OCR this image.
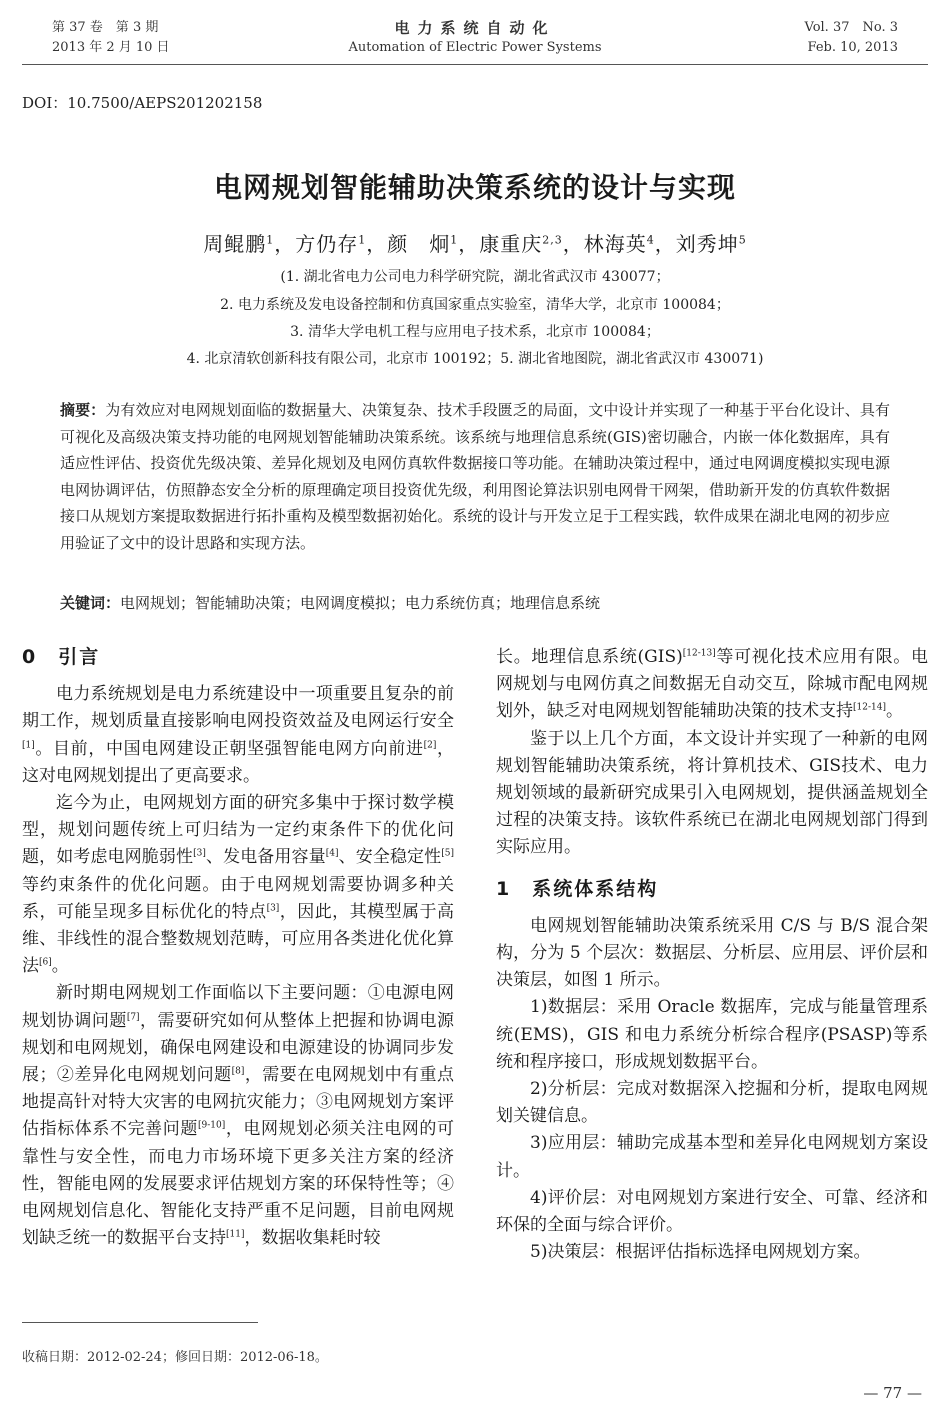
第 37 卷　第 3 期
2013 年 2 月 10 日
电力系统自动化
Automation of Electric Power Systems
Vol. 37　No. 3
Feb. 10, 2013
DOI：10.7500/AEPS201202158
电网规划智能辅助决策系统的设计与实现
周鲲鹏$^1$，方仍存$^1$，颜　炯$^1$，康重庆$^{2,3}$，林海英$^4$，刘秀坤$^5$
(1. 湖北省电力公司电力科学研究院，湖北省武汉市 430077；
2. 电力系统及发电设备控制和仿真国家重点实验室，清华大学，北京市 100084；
3. 清华大学电机工程与应用电子技术系，北京市 100084；
4. 北京清软创新科技有限公司，北京市 100192；5. 湖北省地图院，湖北省武汉市 430071)
摘要：为有效应对电网规划面临的数据量大、决策复杂、技术手段匮乏的局面，文中设计并实现了一种基于平台化设计、具有可视化及高级决策支持功能的电网规划智能辅助决策系统。该系统与地理信息系统(GIS)密切融合，内嵌一体化数据库，具有适应性评估、投资优先级决策、差异化规划及电网仿真软件数据接口等功能。在辅助决策过程中，通过电网调度模拟实现电源电网协调评估，仿照静态安全分析的原理确定项目投资优先级，利用图论算法识别电网骨干网架，借助新开发的仿真软件数据接口从规划方案提取数据进行拓扑重构及模型数据初始化。系统的设计与开发立足于工程实践，软件成果在湖北电网的初步应用验证了文中的设计思路和实现方法。
关键词：电网规划；智能辅助决策；电网调度模拟；电力系统仿真；地理信息系统
0　引言

电力系统规划是电力系统建设中一项重要且复杂的前期工作，规划质量直接影响电网投资效益及电网运行安全[1]。目前，中国电网建设正朝坚强智能电网方向前进[2]，这对电网规划提出了更高要求。

迄今为止，电网规划方面的研究多集中于探讨数学模型，规划问题传统上可归结为一定约束条件下的优化问题，如考虑电网脆弱性[3]、发电备用容量[4]、安全稳定性[5]等约束条件的优化问题。由于电网规划需要协调多种关系，可能呈现多目标优化的特点[3]，因此，其模型属于高维、非线性的混合整数规划范畴，可应用各类进化优化算法[6]。

新时期电网规划工作面临以下主要问题：①电源电网规划协调问题[7]，需要研究如何从整体上把握和协调电源规划和电网规划，确保电网建设和电源建设的协调同步发展；②差异化电网规划问题[8]，需要在电网规划中有重点地提高针对特大灾害的电网抗灾能力；③电网规划方案评估指标体系不完善问题[9-10]，电网规划必须关注电网的可靠性与安全性，而电力市场环境下更多关注方案的经济性，智能电网的发展要求评估规划方案的环保特性等；④电网规划信息化、智能化支持严重不足问题，目前电网规划缺乏统一的数据平台支持[11]，数据收集耗时较

长。地理信息系统(GIS)[12-13]等可视化技术应用有限。电网规划与电网仿真之间数据无自动交互，除城市配电网规划外，缺乏对电网规划智能辅助决策的技术支持[12-14]。

鉴于以上几个方面，本文设计并实现了一种新的电网规划智能辅助决策系统，将计算机技术、GIS技术、电力规划领域的最新研究成果引入电网规划，提供涵盖规划全过程的决策支持。该软件系统已在湖北电网规划部门得到实际应用。

1　系统体系结构

电网规划智能辅助决策系统采用 C/S 与 B/S 混合架构，分为 5 个层次：数据层、分析层、应用层、评价层和决策层，如图 1 所示。

1)数据层：采用 Oracle 数据库，完成与能量管理系统(EMS)，GIS 和电力系统分析综合程序(PSASP)等系统和程序接口，形成规划数据平台。

2)分析层：完成对数据深入挖掘和分析，提取电网规划关键信息。

3)应用层：辅助完成基本型和差异化电网规划方案设计。

4)评价层：对电网规划方案进行安全、可靠、经济和环保的全面与综合评价。

5)决策层：根据评估指标选择电网规划方案。

收稿日期：2012-02-24；修回日期：2012-06-18。
— 77 —
